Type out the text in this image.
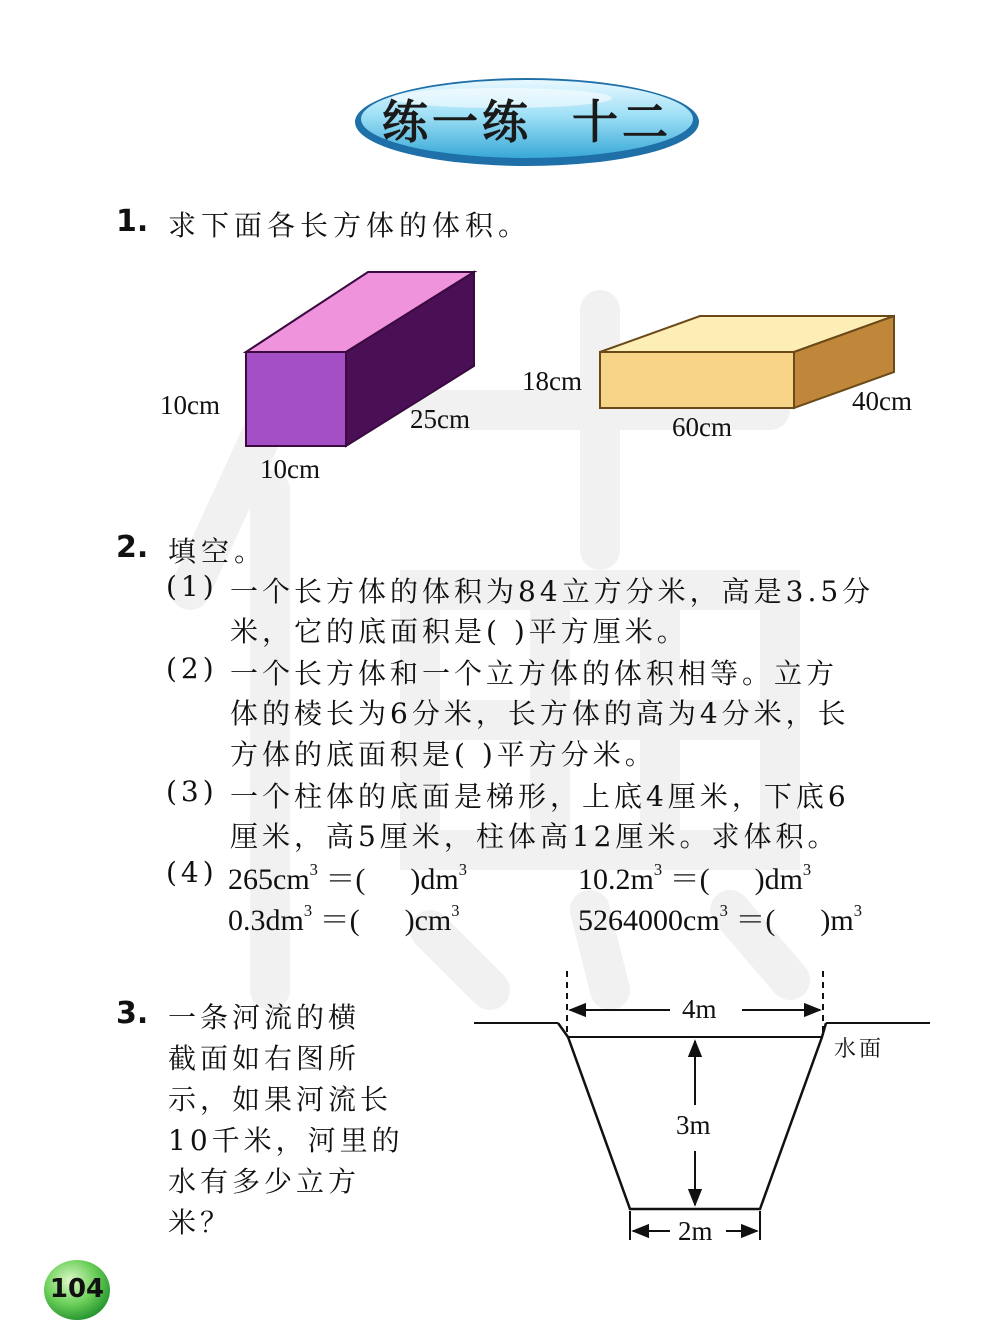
练一练  十二
1. 求下面各长方体的体积。
10cm	25cm
10cm
18cm
40cm
60cm
2. 填空。
(1) 一个长方体的体积为84立方分米，高是3.5分
米，它的底面积是( )平方厘米。
(2) 一个长方体和一个立方体的体积相等。立方
体的棱长为6分米，长方体的高为4分米，长
方体的底面积是( )平方分米。
(3) 一个柱体的底面是梯形，上底4厘米，下底6
厘米，高5厘米，柱体高12厘米。求体积。
(4) $265cm^3$ ＝(      )$dm^3$	$10.2m^3$ ＝(      )$dm^3$
$0.3dm^3$ ＝(      )$cm^3$	$5264000cm^3$ ＝(      )$m^3$
3. 一条河流的横
截面如右图所
示，如果河流长
10千米，河里的
水有多少立方
米？
4m
3m
2m
水面
104
